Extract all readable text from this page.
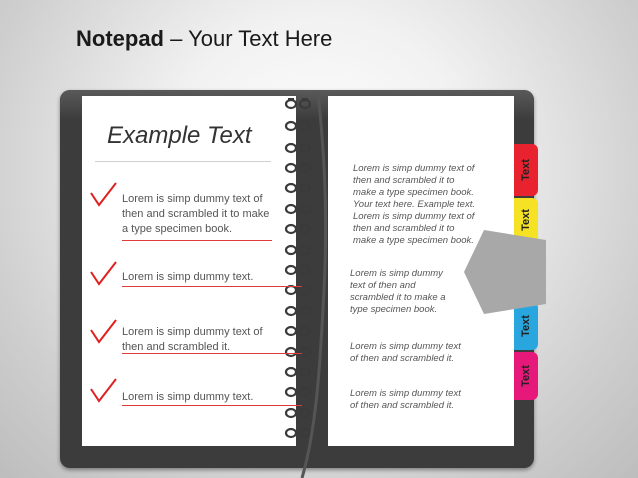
Notepad – Your Text Here
Text
Text
Text
Text
Example Text
Lorem is simp dummy text of then and scrambled it to make a type specimen book.
Lorem is simp dummy text.
Lorem is simp dummy text of then and scrambled it.
Lorem is simp dummy text.
Lorem is simp dummy text of then and scrambled it to make a type specimen book. Your text here. Example text. Lorem is simp dummy text of then and scrambled it to make a type specimen book.
Lorem is simp dummy text of then and scrambled it to make a type specimen book.
Lorem is simp dummy text of then and scrambled it.
Lorem is simp dummy text of then and scrambled it.
